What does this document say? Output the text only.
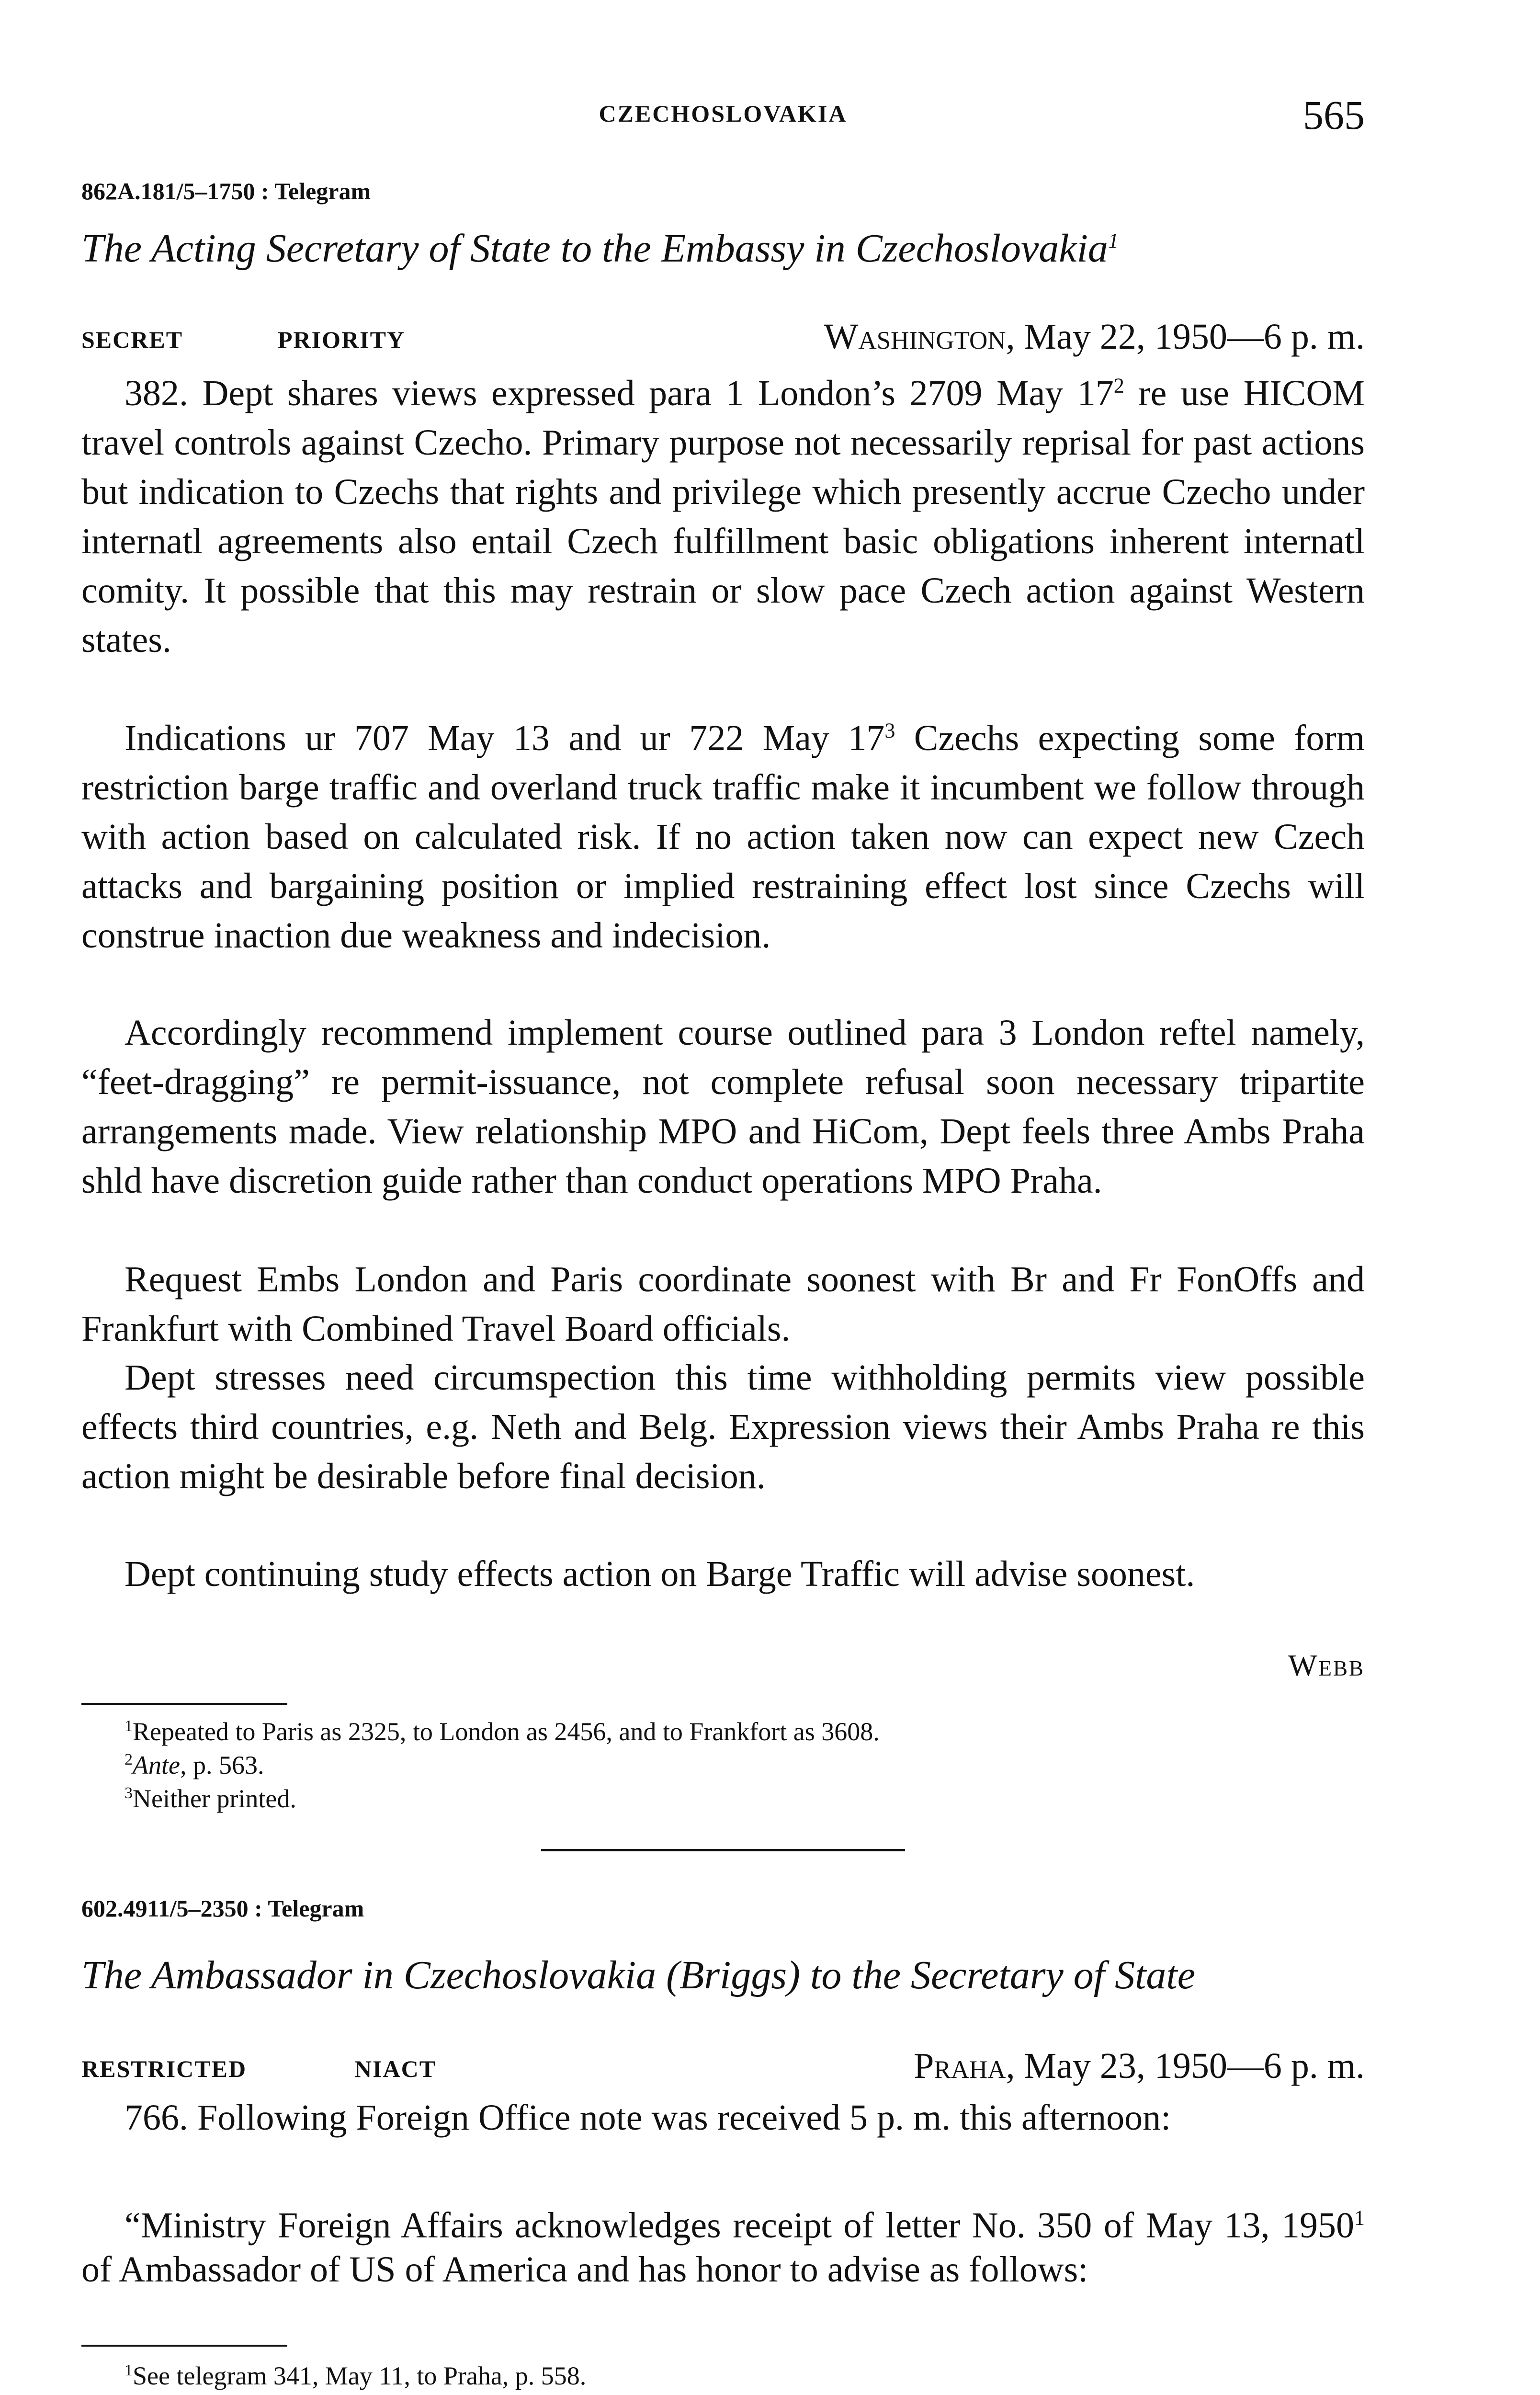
CZECHOSLOVAKIA	565
862A.181/5–1750 : Telegram
The Acting Secretary of State to the Embassy in Czechoslovakia$^1$
SECRET	PRIORITY	Washington, May 22, 1950—6 p. m.

382. Dept shares views expressed para 1 London’s 2709 May $17^2$ re use HICOM travel controls against Czecho. Primary purpose not necessarily reprisal for past actions but indication to Czechs that rights and privilege which presently accrue Czecho under internatl agreements also entail Czech fulfillment basic obligations inherent internatl comity. It possible that this may restrain or slow pace Czech action against Western states.

Indications ur 707 May 13 and ur 722 May $17^3$ Czechs expecting some form restriction barge traffic and overland truck traffic make it incumbent we follow through with action based on calculated risk. If no action taken now can expect new Czech attacks and bargaining position or implied restraining effect lost since Czechs will construe inaction due weakness and indecision.

Accordingly recommend implement course outlined para 3 London reftel namely, “feet-dragging” re permit-issuance, not complete refusal soon necessary tripartite arrangements made. View relationship MPO and HiCom, Dept feels three Ambs Praha shld have discretion guide rather than conduct operations MPO Praha.

Request Embs London and Paris coordinate soonest with Br and Fr FonOffs and Frankfurt with Combined Travel Board officials.

Dept stresses need circumspection this time withholding permits view possible effects third countries, e.g. Neth and Belg. Expression views their Ambs Praha re this action might be desirable before final decision.

Dept continuing study effects action on Barge Traffic will advise soonest.

Webb
$^1$Repeated to Paris as 2325, to London as 2456, and to Frankfort as 3608.
$^2$Ante, p. 563.
$^3$Neither printed.
602.4911/5–2350 : Telegram
The Ambassador in Czechoslovakia (Briggs) to the Secretary of State
RESTRICTED	NIACT	Praha, May 23, 1950—6 p. m.

766. Following Foreign Office note was received 5 p. m. this afternoon:

“Ministry Foreign Affairs acknowledges receipt of letter No. 350 of May 13, 1950$^1$ of Ambassador of US of America and has honor to advise as follows:

$^1$See telegram 341, May 11, to Praha, p. 558.
